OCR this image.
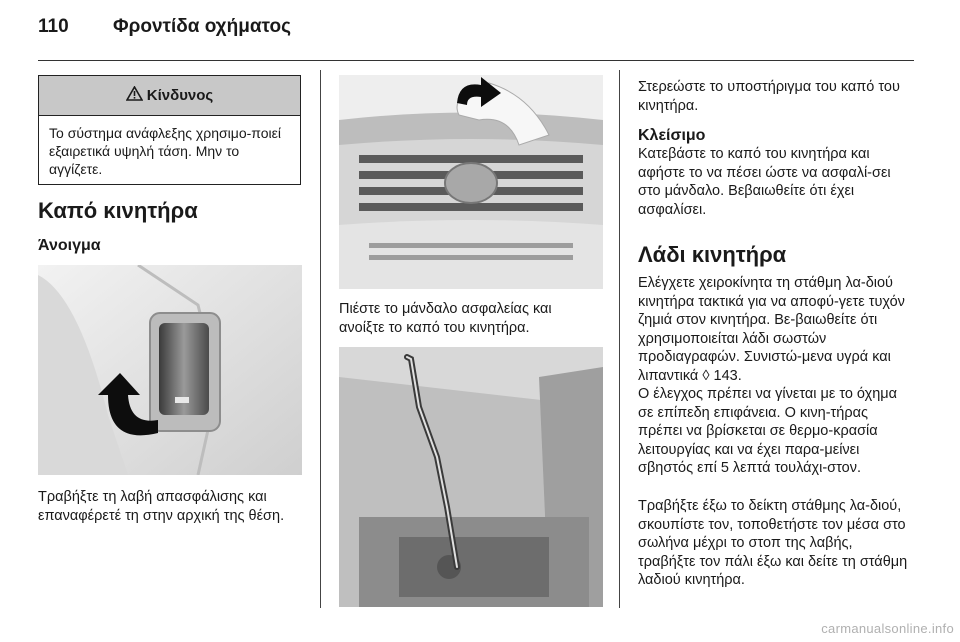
110 Φροντίδα οχήματος
Κίνδυνος
Το σύστημα ανάφλεξης χρησιμο-ποιεί εξαιρετικά υψηλή τάση. Μην το αγγίζετε.
Καπό κινητήρα
Άνοιγμα
Τραβήξτε τη λαβή απασφάλισης και επαναφέρετέ τη στην αρχική της θέση.
Πιέστε το μάνδαλο ασφαλείας και ανοίξτε το καπό του κινητήρα.
Στερεώστε το υποστήριγμα του καπό του κινητήρα.
Κλείσιμο
Κατεβάστε το καπό του κινητήρα και αφήστε το να πέσει ώστε να ασφαλί-σει στο μάνδαλο. Βεβαιωθείτε ότι έχει ασφαλίσει.
Λάδι κινητήρα
Ελέγχετε χειροκίνητα τη στάθμη λα-διού κινητήρα τακτικά για να αποφύ-γετε τυχόν ζημιά στον κινητήρα. Βε-βαιωθείτε ότι χρησιμοποιείται λάδι σωστών προδιαγραφών. Συνιστώ-μενα υγρά και λιπαντικά ◊ 143.
Ο έλεγχος πρέπει να γίνεται με το όχημα σε επίπεδη επιφάνεια. Ο κινη-τήρας πρέπει να βρίσκεται σε θερμο-κρασία λειτουργίας και να έχει παρα-μείνει σβηστός επί 5 λεπτά τουλάχι-στον.
Τραβήξτε έξω το δείκτη στάθμης λα-διού, σκουπίστε τον, τοποθετήστε τον μέσα στο σωλήνα μέχρι το στοπ της λαβής, τραβήξτε τον πάλι έξω και δείτε τη στάθμη λαδιού κινητήρα.
carmanualsonline.info
